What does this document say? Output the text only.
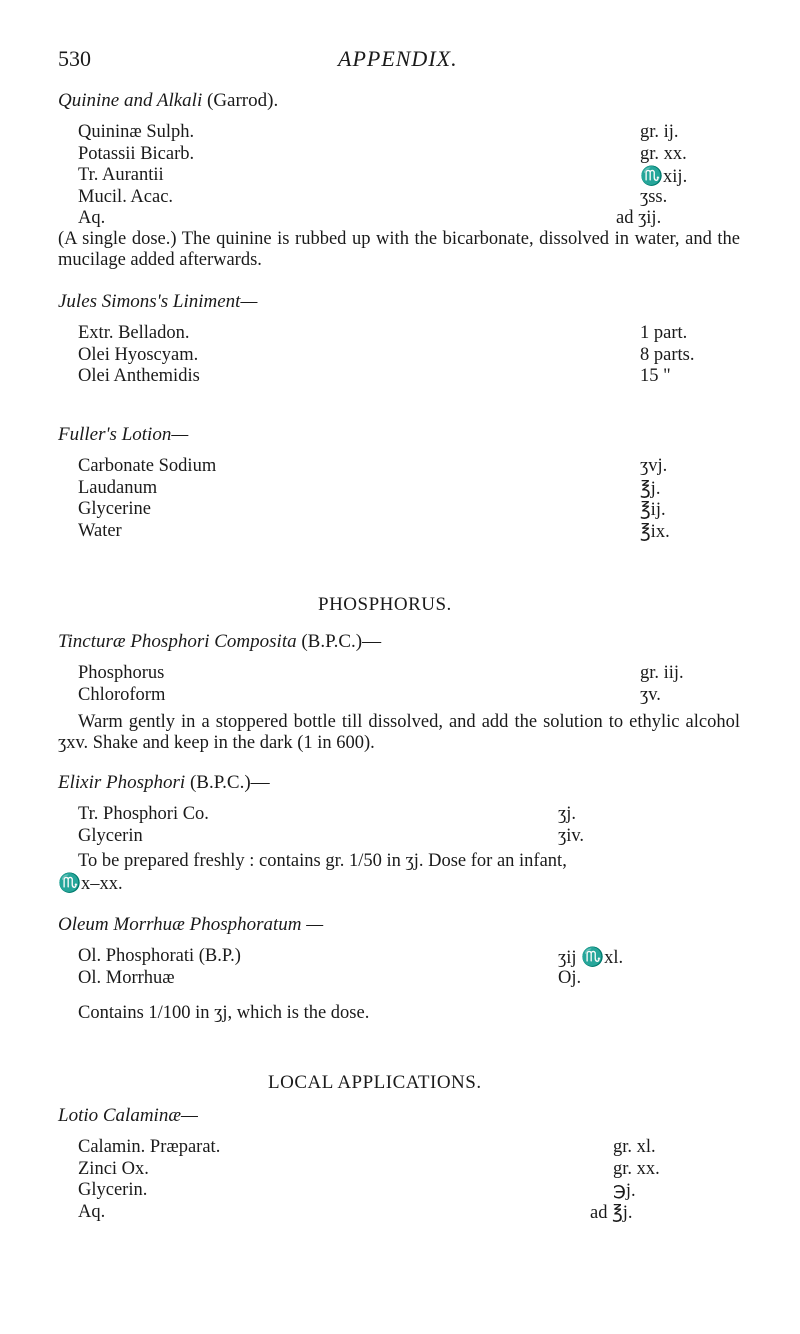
530	APPENDIX.
Quinine and Alkali (Garrod).
Quininæ Sulph.	gr. ij.
Potassii Bicarb.	gr. xx.
Tr. Aurantii	♏xij.
Mucil. Acac.	ʒss.
Aq.	ad ʒij.
(A single dose.) The quinine is rubbed up with the bicarbonate, dissolved in water, and the mucilage added afterwards.
Jules Simons's Liniment—
Extr. Belladon.	1 part.
Olei Hyoscyam.	8 parts.
Olei Anthemidis	15 "
Fuller's Lotion—
Carbonate Sodium	ʒvj.
Laudanum	℥j.
Glycerine	℥ij.
Water	℥ix.
PHOSPHORUS.
Tincturæ Phosphori Composita (B.P.C.)—
Phosphorus	gr. iij.
Chloroform	ʒv.
Warm gently in a stoppered bottle till dissolved, and add the solution to ethylic alcohol ʒxv. Shake and keep in the dark (1 in 600).
Elixir Phosphori (B.P.C.)—
Tr. Phosphori Co.	ʒj.
Glycerin	ʒiv.
To be prepared freshly : contains gr. 1/50 in ʒj. Dose for an infant,
♏x–xx.
Oleum Morrhuæ Phosphoratum —
Ol. Phosphorati (B.P.)	ʒij ♏xl.
Ol. Morrhuæ	Oj.
Contains 1/100 in ʒj, which is the dose.
LOCAL APPLICATIONS.
Lotio Calaminæ—
Calamin. Præparat.	gr. xl.
Zinci Ox.	gr. xx.
Glycerin.	℈j.
Aq.	ad ℥j.
